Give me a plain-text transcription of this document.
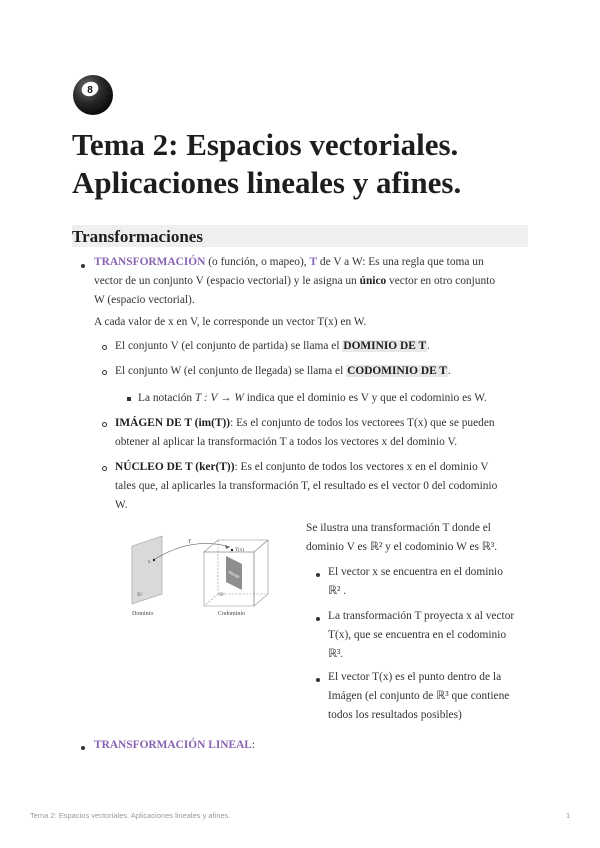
8
Tema 2: Espacios vectoriales.
Aplicaciones lineales y afines.
Transformaciones
TRANSFORMACIÓN (o función, o mapeo), T de V a W: Es una regla que toma un
vector de un conjunto V (espacio vectorial) y le asigna un único vector en otro conjunto
W (espacio vectorial).
A cada valor de x en V, le corresponde un vector T(x) en W.
El conjunto V (el conjunto de partida) se llama el DOMINIO DE T.
El conjunto W (el conjunto de llegada) se llama el CODOMINIO DE T.
La notación T : V → W indica que el dominio es V y que el codominio es W.
IMÁGEN DE T (im(T)): Es el conjunto de todos los vectorees T(x) que se pueden
obtener al aplicar la transformación T a todos los vectores x del dominio V.
NÚCLEO DE T (ker(T)): Es el conjunto de todos los vectores x en el dominio V
tales que, al aplicarles la transformación T, el resultado es el vector 0 del codominio
W.
x
ℝ²
T
Rango
T(x)
ℝ³
Dominio	Codominio
Se ilustra una transformación T donde el
dominio V es ℝ² y el codominio W es ℝ³.
El vector x se encuentra en el dominio
ℝ² .
La transformación T proyecta x al vector
T(x), que se encuentra en el codominio
ℝ³.
El vector T(x) es el punto dentro de la
Imágen (el conjunto de ℝ³ que contiene
todos los resultados posibles)
TRANSFORMACIÓN LINEAL:
Tema 2: Espacios vectoriales. Aplicaciones lineales y afines.	1
